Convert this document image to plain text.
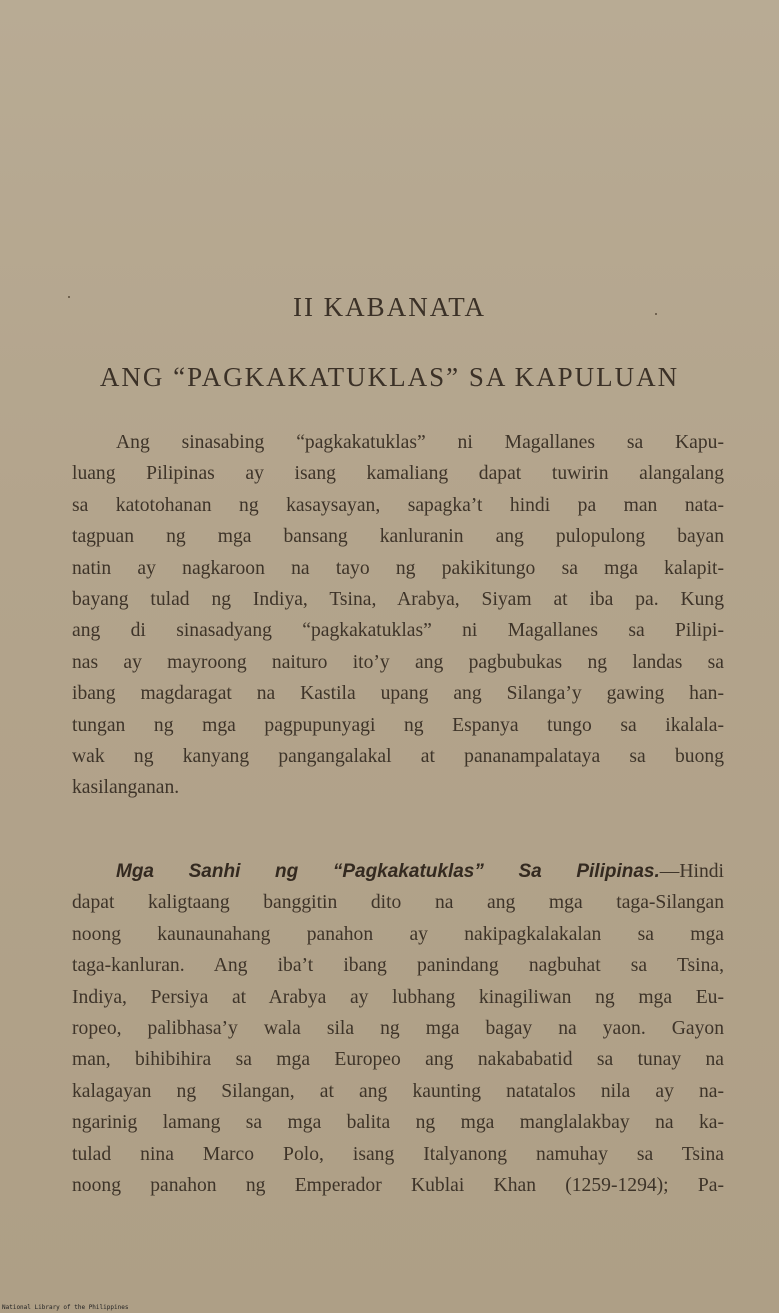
II KABANATA
ANG “PAGKAKATUKLAS” SA KAPULUAN
Ang sinasabing “pagkakatuklas” ni Magallanes sa Kapu-
luang Pilipinas ay isang kamaliang dapat tuwirin alangalang
sa katotohanan ng kasaysayan, sapagka’t hindi pa man nata-
tagpuan ng mga bansang kanluranin ang pulopulong bayan
natin ay nagkaroon na tayo ng pakikitungo sa mga kalapit-
bayang tulad ng Indiya, Tsina, Arabya, Siyam at iba pa. Kung
ang di sinasadyang “pagkakatuklas” ni Magallanes sa Pilipi-
nas ay mayroong naituro ito’y ang pagbubukas ng landas sa
ibang magdaragat na Kastila upang ang Silanga’y gawing han-
tungan ng mga pagpupunyagi ng Espanya tungo sa ikalala-
wak ng kanyang pangangalakal at pananampalataya sa buong
kasilanganan.
Mga Sanhi ng “Pagkakatuklas” Sa Pilipinas.—Hindi
dapat kaligtaang banggitin dito na ang mga taga-Silangan
noong kaunaunahang panahon ay nakipagkalakalan sa mga
taga-kanluran. Ang iba’t ibang panindang nagbuhat sa Tsina,
Indiya, Persiya at Arabya ay lubhang kinagiliwan ng mga Eu-
ropeo, palibhasa’y wala sila ng mga bagay na yaon. Gayon
man, bihibihira sa mga Europeo ang nakababatid sa tunay na
kalagayan ng Silangan, at ang kaunting natatalos nila ay na-
ngarinig lamang sa mga balita ng mga manglalakbay na ka-
tulad nina Marco Polo, isang Italyanong namuhay sa Tsina
noong panahon ng Emperador Kublai Khan (1259-1294); Pa-
National Library of the Philippines
